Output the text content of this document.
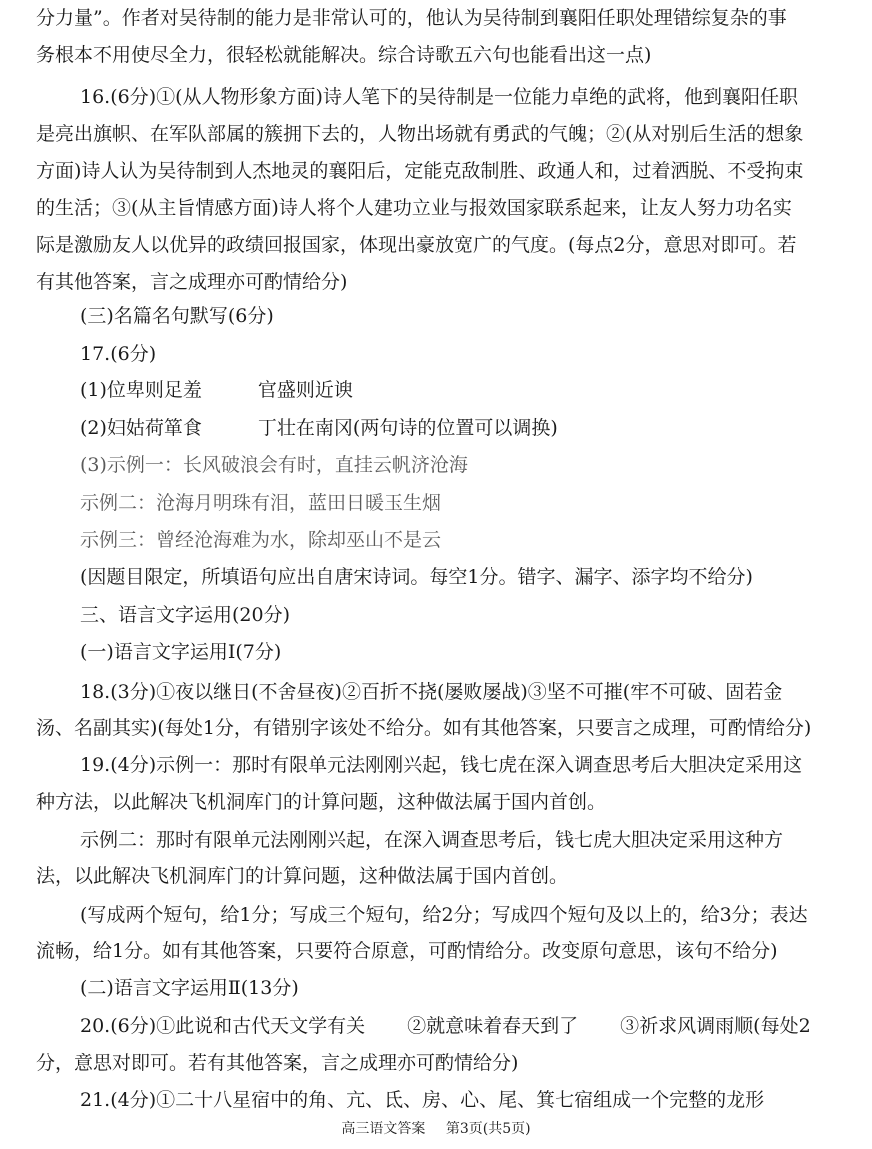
分力量”。作者对吴待制的能力是非常认可的，他认为吴待制到襄阳任职处理错综复杂的事
务根本不用使尽全力，很轻松就能解决。综合诗歌五六句也能看出这一点)
16.(6分)①(从人物形象方面)诗人笔下的吴待制是一位能力卓绝的武将，他到襄阳任职
是亮出旗帜、在军队部属的簇拥下去的，人物出场就有勇武的气魄；②(从对别后生活的想象
方面)诗人认为吴待制到人杰地灵的襄阳后，定能克敌制胜、政通人和，过着洒脱、不受拘束
的生活；③(从主旨情感方面)诗人将个人建功立业与报效国家联系起来，让友人努力功名实
际是激励友人以优异的政绩回报国家，体现出豪放宽广的气度。(每点2分，意思对即可。若
有其他答案，言之成理亦可酌情给分)
(三)名篇名句默写(6分)
17.(6分)
(1)位卑则足羞	官盛则近谀
(2)妇姑荷箪食	丁壮在南冈(两句诗的位置可以调换)
(3)示例一：长风破浪会有时，直挂云帆济沧海
示例二：沧海月明珠有泪，蓝田日暖玉生烟
示例三：曾经沧海难为水，除却巫山不是云
(因题目限定，所填语句应出自唐宋诗词。每空1分。错字、漏字、添字均不给分)
三、语言文字运用(20分)
(一)语言文字运用Ⅰ(7分)
18.(3分)①夜以继日(不舍昼夜)②百折不挠(屡败屡战)③坚不可摧(牢不可破、固若金
汤、名副其实)(每处1分，有错别字该处不给分。如有其他答案，只要言之成理，可酌情给分)
19.(4分)示例一：那时有限单元法刚刚兴起，钱七虎在深入调查思考后大胆决定采用这
种方法，以此解决飞机洞库门的计算问题，这种做法属于国内首创。
示例二：那时有限单元法刚刚兴起，在深入调查思考后，钱七虎大胆决定采用这种方
法，以此解决飞机洞库门的计算问题，这种做法属于国内首创。
(写成两个短句，给1分；写成三个短句，给2分；写成四个短句及以上的，给3分；表达
流畅，给1分。如有其他答案，只要符合原意，可酌情给分。改变原句意思，该句不给分)
(二)语言文字运用Ⅱ(13分)
20.(6分)①此说和古代天文学有关 ②就意味着春天到了 ③祈求风调雨顺(每处2
分，意思对即可。若有其他答案，言之成理亦可酌情给分)
21.(4分)①二十八星宿中的角、亢、氐、房、心、尾、箕七宿组成一个完整的龙形
高三语文答案 第3页(共5页)
